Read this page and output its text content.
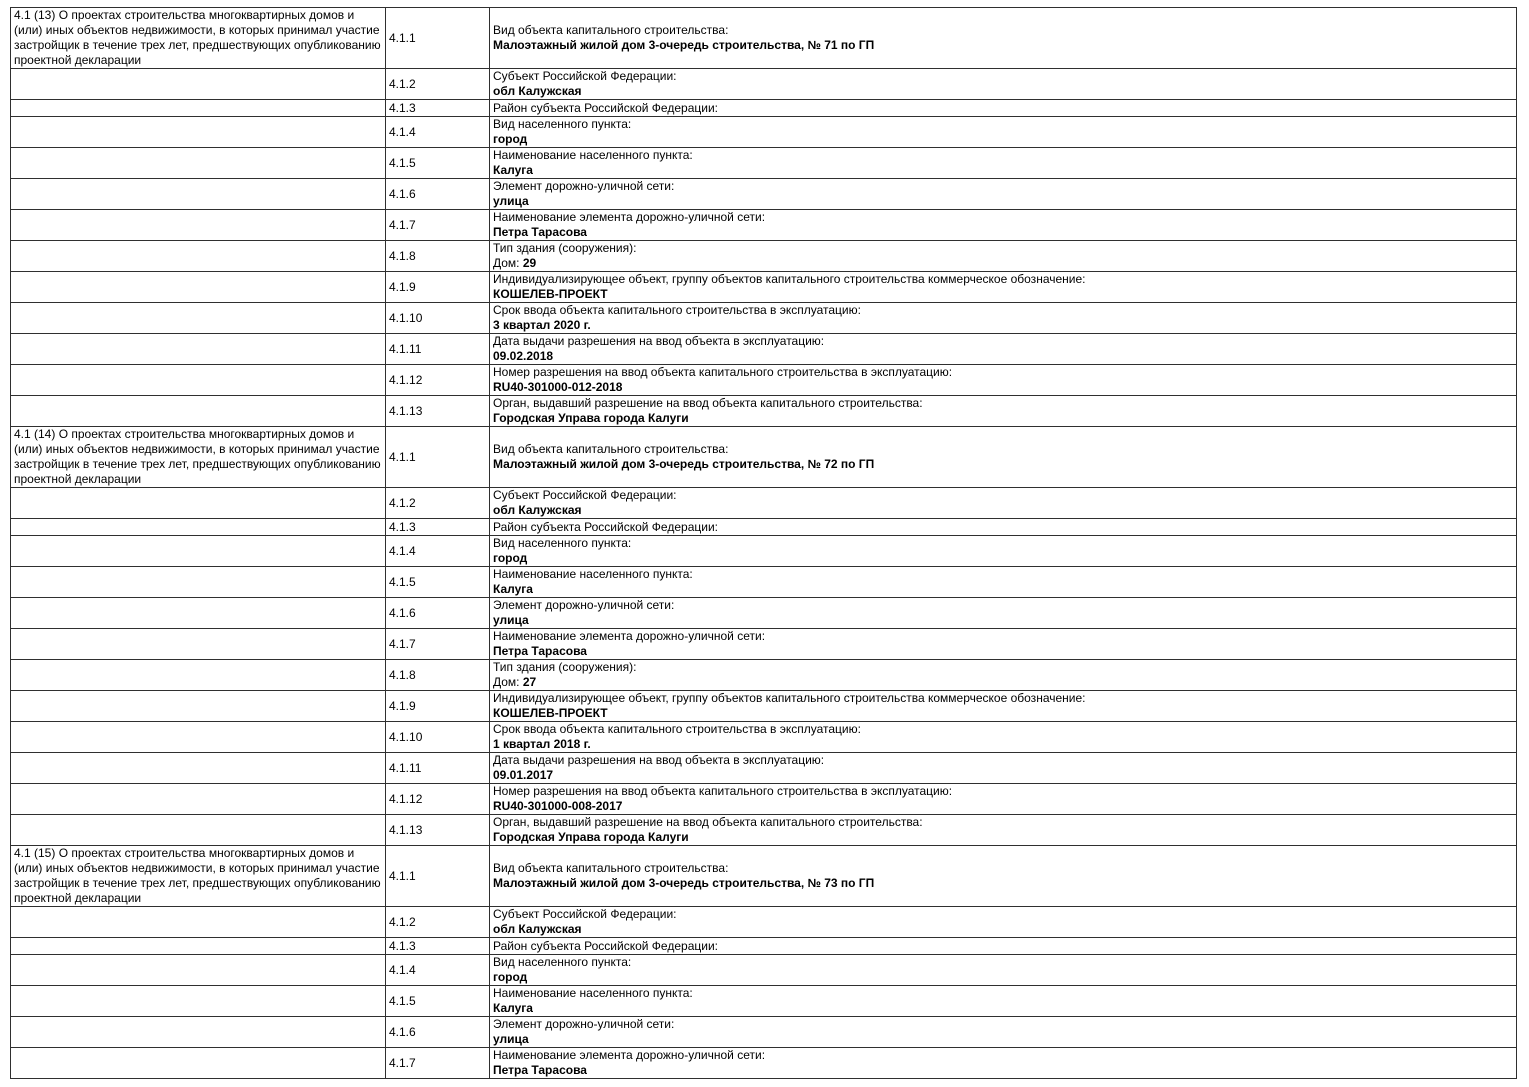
4.1 (13) О проектах строительства многоквартирных домов и (или) иных объектов недвижимости, в которых принимал участие застройщик в течение трех лет, предшествующих опубликованию проектной декларации	4.1.1	Вид объекта капитального строительства:
Малоэтажный жилой дом 3-очередь строительства, № 71 по ГП

	4.1.2	Субъект Российской Федерации:
обл Калужская

	4.1.3	Район субъекта Российской Федерации:

	4.1.4	Вид населенного пункта:
город

	4.1.5	Наименование населенного пункта:
Калуга

	4.1.6	Элемент дорожно-уличной сети:
улица

	4.1.7	Наименование элемента дорожно-уличной сети:
Петра Тарасова

	4.1.8	Тип здания (сооружения):
Дом: 29

	4.1.9	Индивидуализирующее объект, группу объектов капитального строительства коммерческое обозначение:
КОШЕЛЕВ-ПРОЕКТ

	4.1.10	Срок ввода объекта капитального строительства в эксплуатацию:
3 квартал 2020 г.

	4.1.11	Дата выдачи разрешения на ввод объекта в эксплуатацию:
09.02.2018

	4.1.12	Номер разрешения на ввод объекта капитального строительства в эксплуатацию:
RU40-301000-012-2018

	4.1.13	Орган, выдавший разрешение на ввод объекта капитального строительства:
Городская Управа города Калуги

4.1 (14) О проектах строительства многоквартирных домов и (или) иных объектов недвижимости, в которых принимал участие застройщик в течение трех лет, предшествующих опубликованию проектной декларации	4.1.1	Вид объекта капитального строительства:
Малоэтажный жилой дом 3-очередь строительства, № 72 по ГП

	4.1.2	Субъект Российской Федерации:
обл Калужская

	4.1.3	Район субъекта Российской Федерации:

	4.1.4	Вид населенного пункта:
город

	4.1.5	Наименование населенного пункта:
Калуга

	4.1.6	Элемент дорожно-уличной сети:
улица

	4.1.7	Наименование элемента дорожно-уличной сети:
Петра Тарасова

	4.1.8	Тип здания (сооружения):
Дом: 27

	4.1.9	Индивидуализирующее объект, группу объектов капитального строительства коммерческое обозначение:
КОШЕЛЕВ-ПРОЕКТ

	4.1.10	Срок ввода объекта капитального строительства в эксплуатацию:
1 квартал 2018 г.

	4.1.11	Дата выдачи разрешения на ввод объекта в эксплуатацию:
09.01.2017

	4.1.12	Номер разрешения на ввод объекта капитального строительства в эксплуатацию:
RU40-301000-008-2017

	4.1.13	Орган, выдавший разрешение на ввод объекта капитального строительства:
Городская Управа города Калуги

4.1 (15) О проектах строительства многоквартирных домов и (или) иных объектов недвижимости, в которых принимал участие застройщик в течение трех лет, предшествующих опубликованию проектной декларации	4.1.1	Вид объекта капитального строительства:
Малоэтажный жилой дом 3-очередь строительства, № 73 по ГП

	4.1.2	Субъект Российской Федерации:
обл Калужская

	4.1.3	Район субъекта Российской Федерации:

	4.1.4	Вид населенного пункта:
город

	4.1.5	Наименование населенного пункта:
Калуга

	4.1.6	Элемент дорожно-уличной сети:
улица

	4.1.7	Наименование элемента дорожно-уличной сети:
Петра Тарасова
